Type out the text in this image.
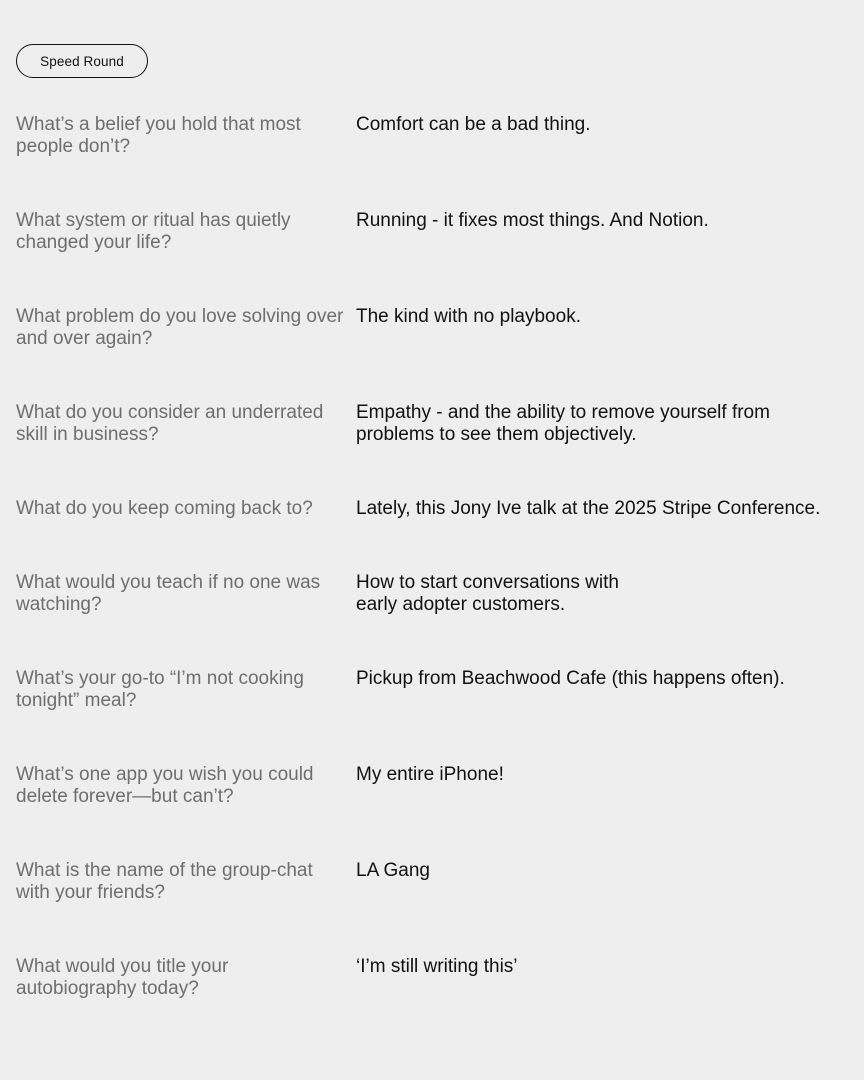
Speed Round
What’s a belief you hold that most people don’t?
Comfort can be a bad thing.
What system or ritual has quietly changed your life?
Running - it fixes most things. And Notion.
What problem do you love solving over and over again?
The kind with no playbook.
What do you consider an underrated skill in business?
Empathy - and the ability to remove yourself from problems to see them objectively.
What do you keep coming back to?	Lately, this Jony Ive talk at the 2025 Stripe Conference.
What would you teach if no one was watching?
How to start conversations with
early adopter customers.
What’s your go-to “I’m not cooking tonight” meal?
Pickup from Beachwood Cafe (this happens often).
What’s one app you wish you could delete forever—but can’t?
My entire iPhone!
What is the name of the group-chat with your friends?
LA Gang
What would you title your autobiography today?
‘I’m still writing this’
